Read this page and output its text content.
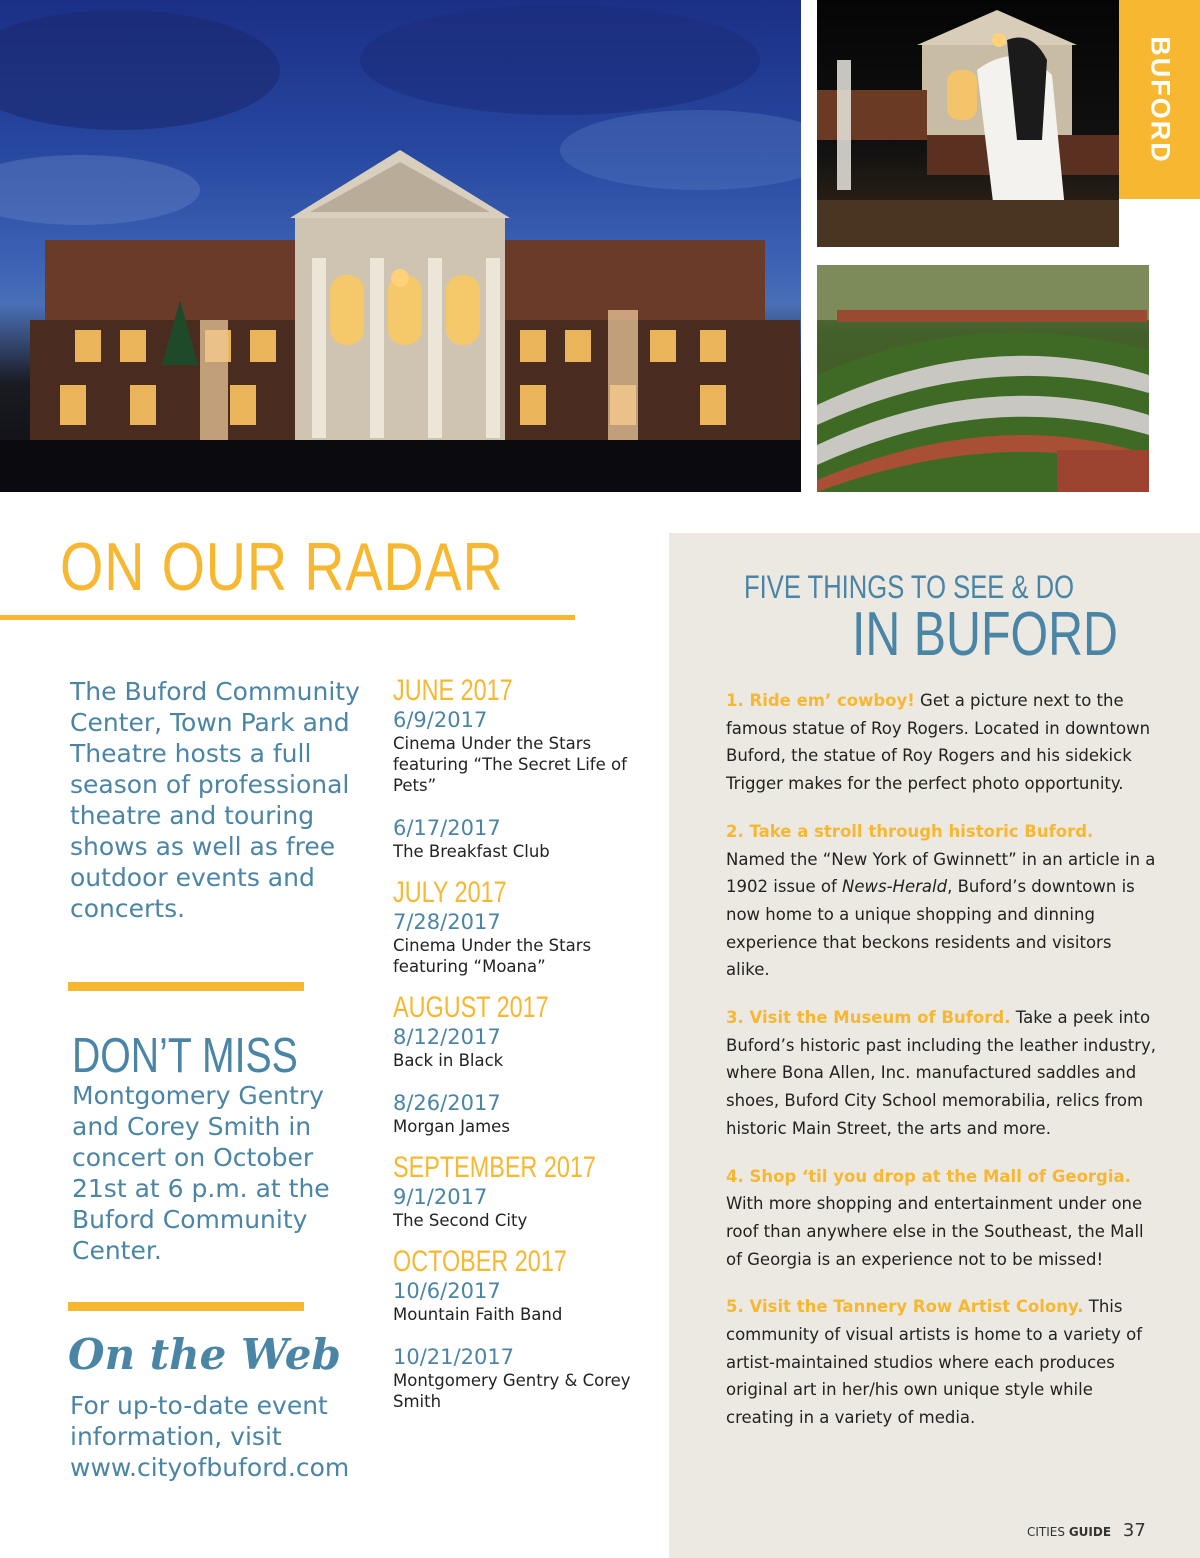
BUFORD
ON OUR RADAR
The Buford Community Center, Town Park and Theatre hosts a full season of professional theatre and touring shows as well as free outdoor events and concerts.
DON’T MISS
Montgomery Gentry and Corey Smith in concert on October 21st at 6 p.m. at the Buford Community Center.
On the Web
For up-to-date event information, visit www.cityofbuford.com
JUNE 2017
6/9/2017
Cinema Under the Stars featuring “The Secret Life of Pets”
6/17/2017
The Breakfast Club
JULY 2017
7/28/2017
Cinema Under the Stars featuring “Moana”
AUGUST 2017
8/12/2017
Back in Black
8/26/2017
Morgan James
SEPTEMBER 2017
9/1/2017
The Second City
OCTOBER 2017
10/6/2017
Mountain Faith Band
10/21/2017
Montgomery Gentry & Corey Smith
FIVE THINGS TO SEE & DO
IN BUFORD

1. Ride em’ cowboy! Get a picture next to the famous statue of Roy Rogers. Located in downtown Buford, the statue of Roy Rogers and his sidekick Trigger makes for the perfect photo opportunity.

2. Take a stroll through historic Buford. Named the “New York of Gwinnett” in an article in a 1902 issue of News-Herald, Buford’s downtown is now home to a unique shopping and dinning experience that beckons residents and visitors alike.

3. Visit the Museum of Buford. Take a peek into Buford’s historic past including the leather industry, where Bona Allen, Inc. manufactured saddles and shoes, Buford City School memorabilia, relics from historic Main Street, the arts and more.

4. Shop ‘til you drop at the Mall of Georgia. With more shopping and entertainment under one roof than anywhere else in the Southeast, the Mall of Georgia is an experience not to be missed!

5. Visit the Tannery Row Artist Colony. This community of visual artists is home to a variety of artist-maintained studios where each produces original art in her/his own unique style while creating in a variety of media.

CITIES GUIDE 37
